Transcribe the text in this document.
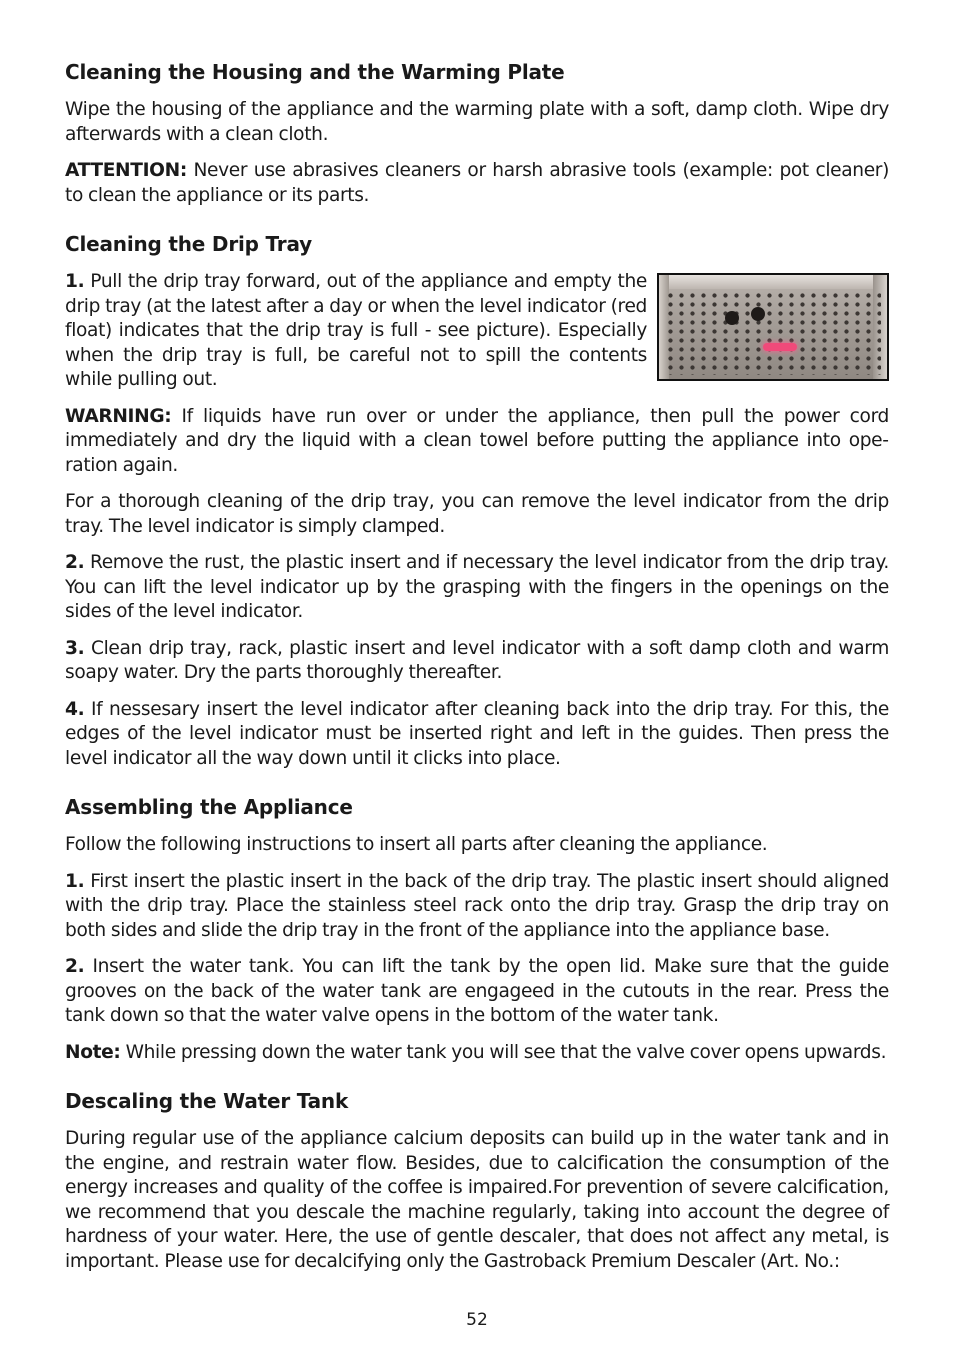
Cleaning the Housing and the Warming Plate

Wipe the housing of the appliance and the warming plate with a soft, damp cloth. Wipe dry afterwards with a clean cloth.

ATTENTION: Never use abrasives cleaners or harsh abrasive tools (example: pot cleaner) to clean the appliance or its parts.

Cleaning the Drip Tray

1. Pull the drip tray forward, out of the appliance and empty the drip tray (at the latest after a day or when the level indicator (red float) indicates that the drip tray is full - see picture). Especially when the drip tray is full, be careful not to spill the contents while pulling out.

WARNING: If liquids have run over or under the appliance, then pull the power cord immediately and dry the liquid with a clean towel before putting the appliance into operation again.

For a thorough cleaning of the drip tray, you can remove the level indicator from the drip tray. The level indicator is simply clamped.

2. Remove the rust, the plastic insert and if necessary the level indicator from the drip tray. You can lift the level indicator up by the grasping with the fingers in the openings on the sides of the level indicator.

3. Clean drip tray, rack, plastic insert and level indicator with a soft damp cloth and warm soapy water. Dry the parts thoroughly thereafter.

4. If nessesary insert the level indicator after cleaning back into the drip tray. For this, the edges of the level indicator must be inserted right and left in the guides. Then press the level indicator all the way down until it clicks into place.

Assembling the Appliance

Follow the following instructions to insert all parts after cleaning the appliance.

1. First insert the plastic insert in the back of the drip tray. The plastic insert should aligned with the drip tray. Place the stainless steel rack onto the drip tray. Grasp the drip tray on both sides and slide the drip tray in the front of the appliance into the appliance base.

2. Insert the water tank. You can lift the tank by the open lid. Make sure that the guide grooves on the back of the water tank are engageed in the cutouts in the rear. Press the tank down so that the water valve opens in the bottom of the water tank.

Note: While pressing down the water tank you will see that the valve cover opens upwards.

Descaling the Water Tank

During regular use of the appliance calcium deposits can build up in the water tank and in the engine, and restrain water flow. Besides, due to calcification the consumption of the energy increases and quality of the coffee is impaired.For prevention of severe calcification, we recommend that you descale the machine regularly, taking into account the degree of hardness of your water. Here, the use of gentle descaler, that does not affect any metal, is important. Please use for decalcifying only the Gastroback Premium Descaler (Art. No.:

52
